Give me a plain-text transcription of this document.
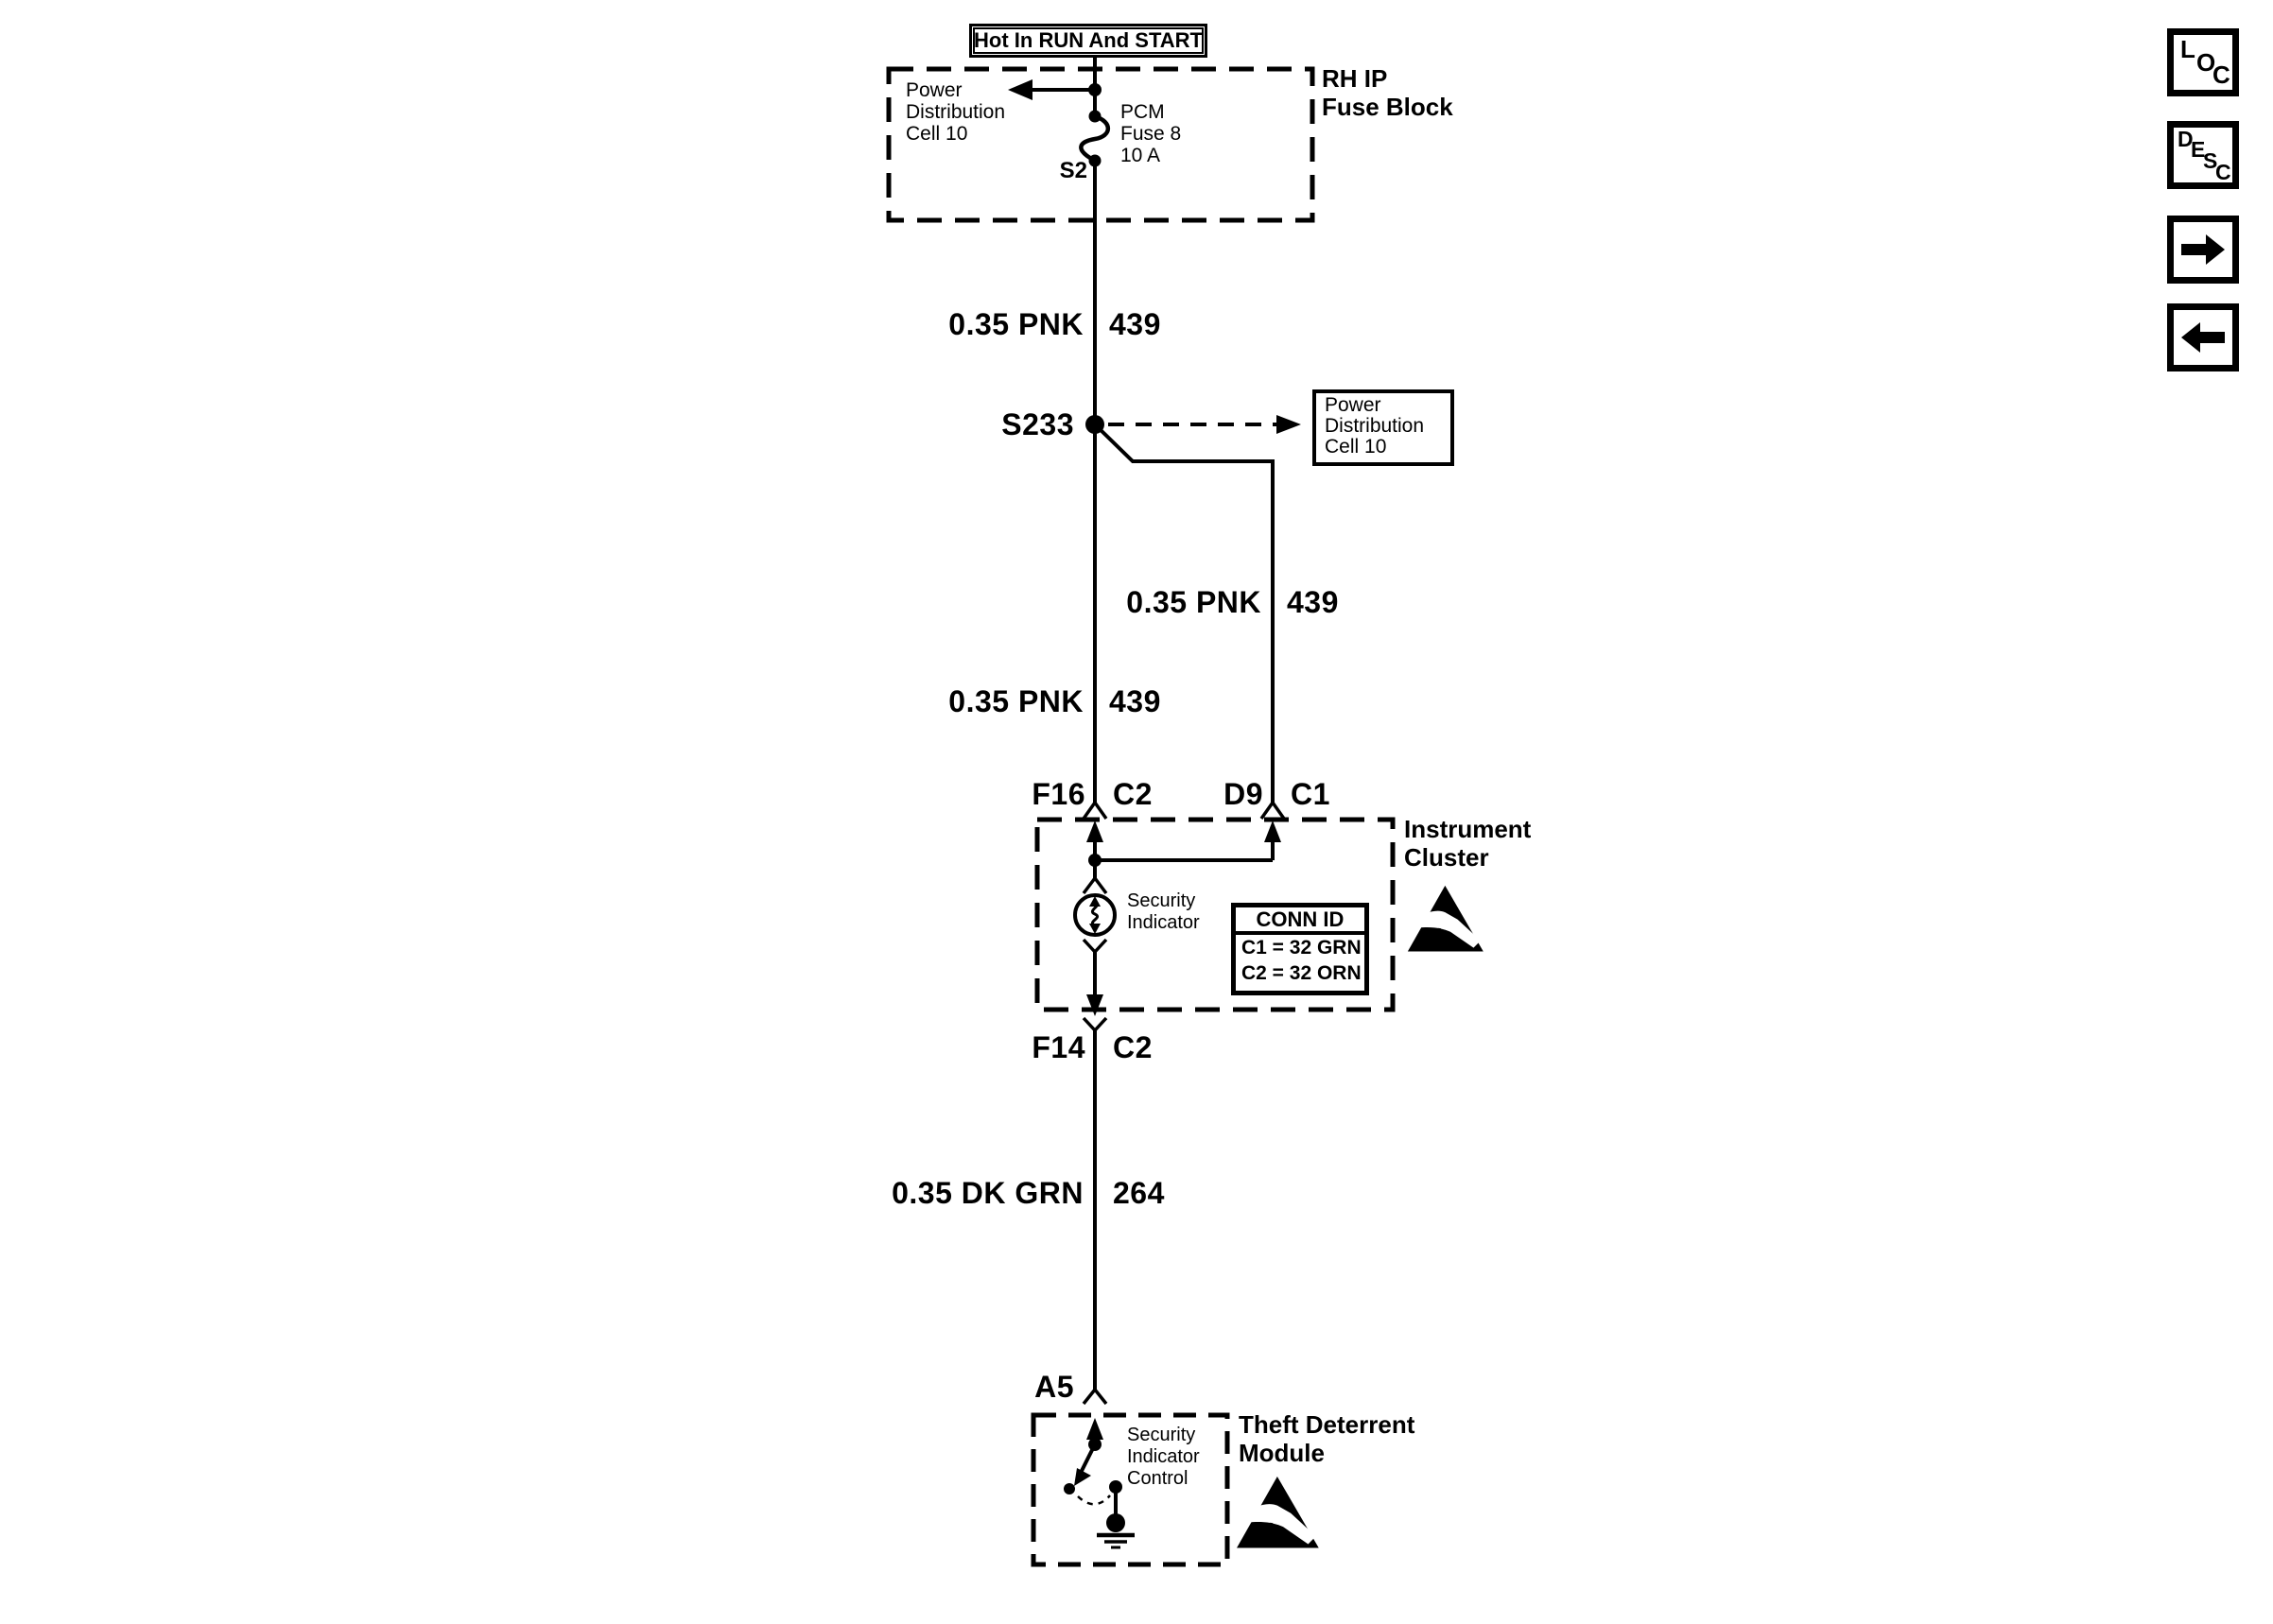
Hot In RUN And START
Power
Distribution
Cell 10
CONN ID
C1 = 32 GRN
C2 = 32 ORN
Power
Distribution
Cell 10
PCM
Fuse 8
10 A
S2
RH IP
Fuse Block
0.35 PNK 439
0.35 PNK 439
0.35 PNK 439
0.35 DK GRN 264
S233
F16 C2 D9 C1
F14 C2
A5
Instrument
Cluster
Security
Indicator
Theft Deterrent
Module
Security
Indicator
Control
L O
C
D
E
S
C
